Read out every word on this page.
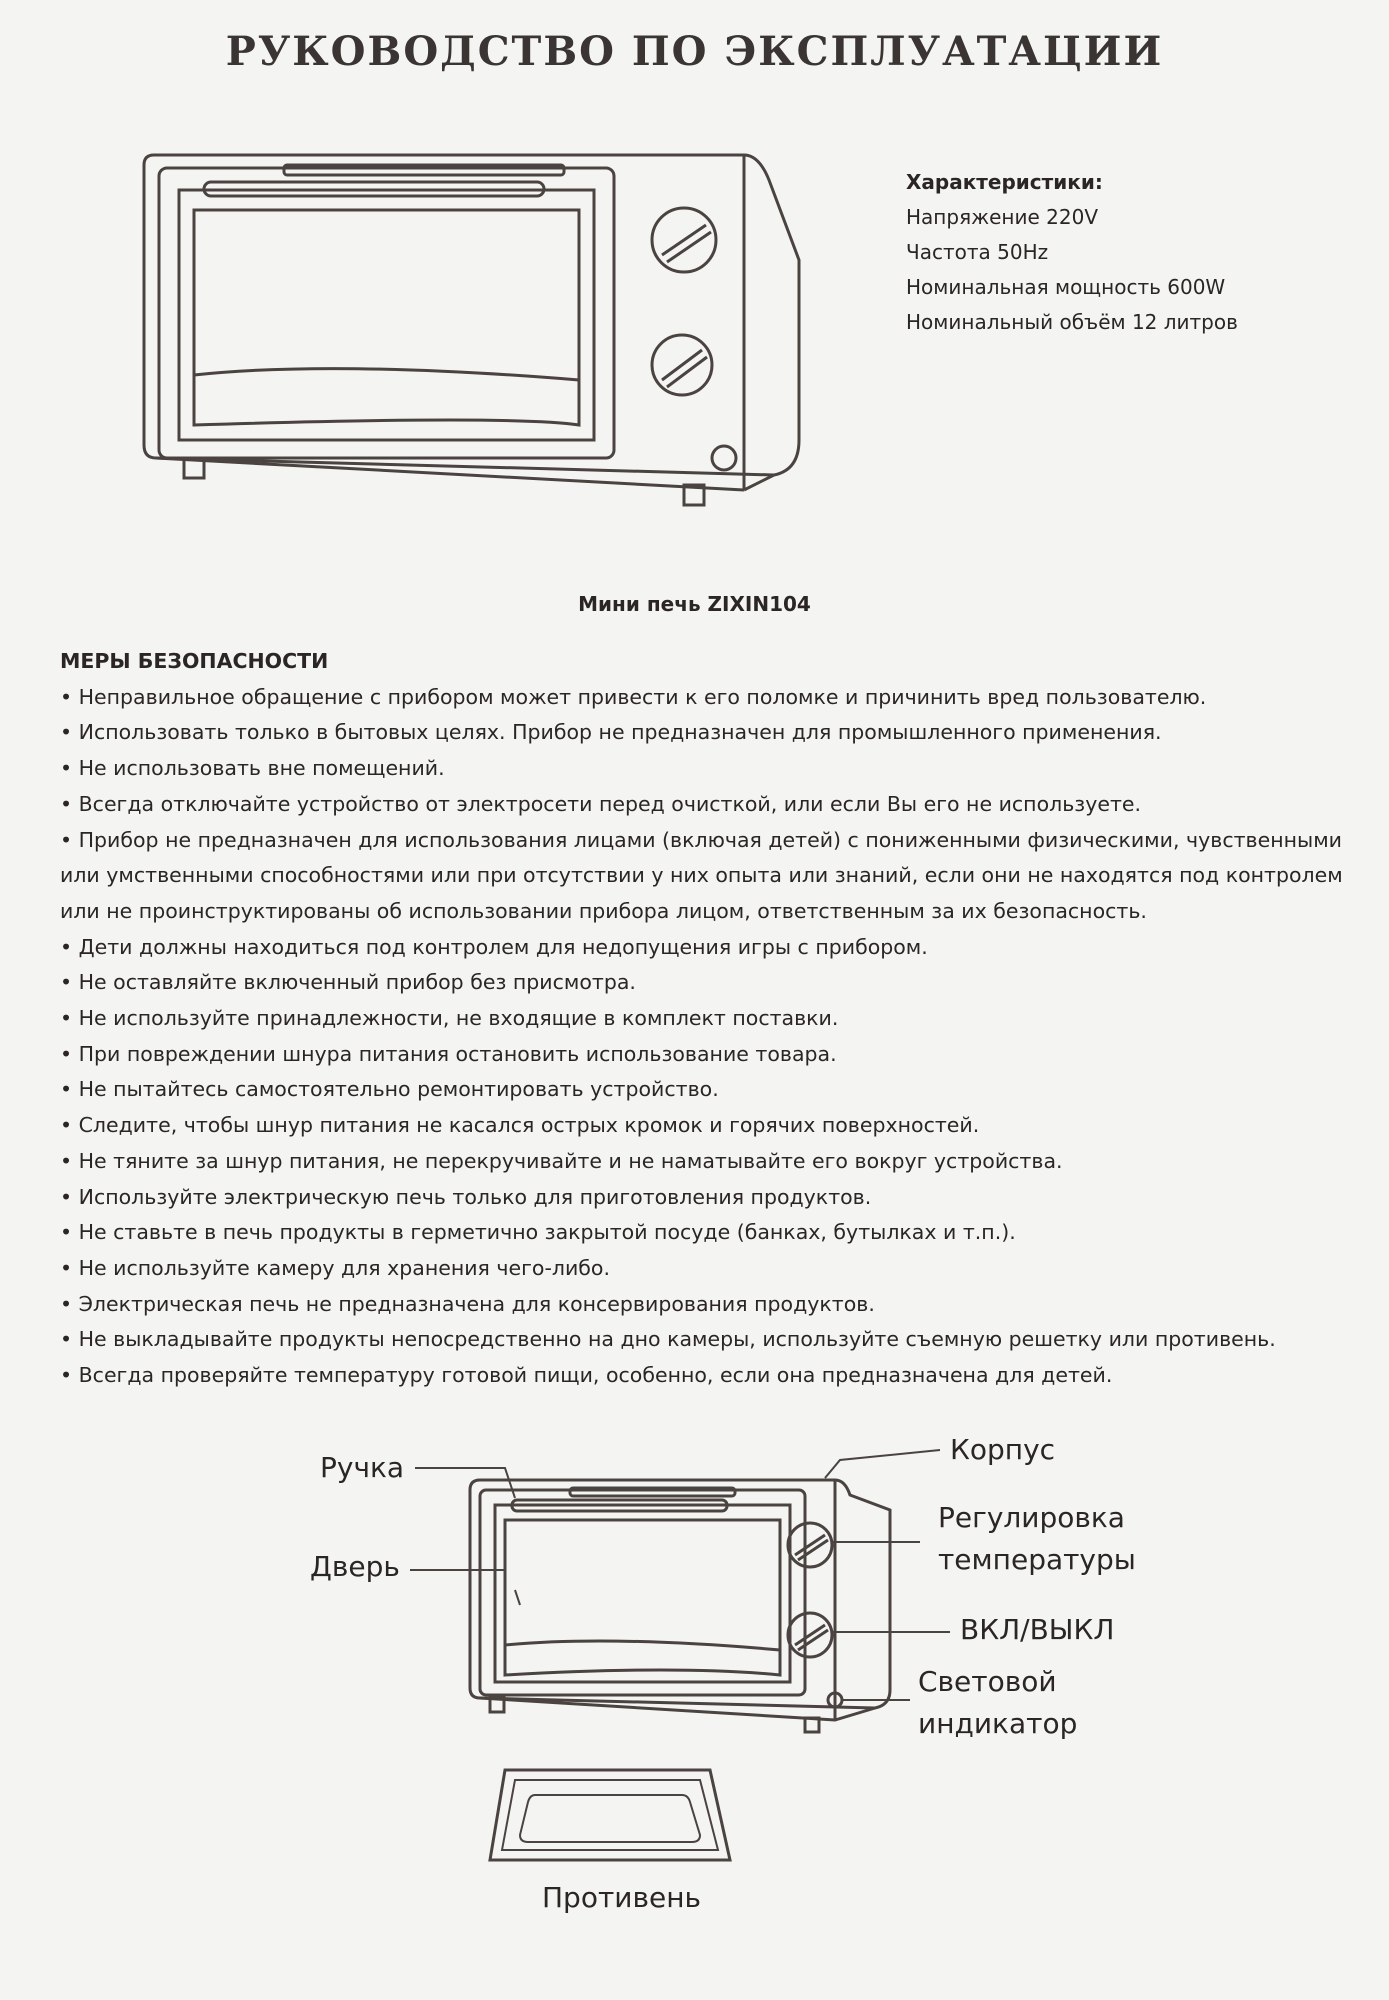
РУКОВОДСТВО ПО ЭКСПЛУАТАЦИИ
Характеристики:
Напряжение 220V
Частота 50Hz
Номинальная мощность 600W
Номинальный объём 12 литров
Мини печь ZIXIN104
МЕРЫ БЕЗОПАСНОСТИ
• Неправильное обращение с прибором может привести к его поломке и причинить вред пользователю.
• Использовать только в бытовых целях. Прибор не предназначен для промышленного применения.
• Не использовать вне помещений.
• Всегда отключайте устройство от электросети перед очисткой, или если Вы его не используете.
• Прибор не предназначен для использования лицами (включая детей) с пониженными физическими, чувственными или умственными способностями или при отсутствии у них опыта или знаний, если они не находятся под контролем или не проинструктированы об использовании прибора лицом, ответственным за их безопасность.
• Дети должны находиться под контролем для недопущения игры с прибором.
• Не оставляйте включенный прибор без присмотра.
• Не используйте принадлежности, не входящие в комплект поставки.
• При повреждении шнура питания остановить использование товара.
• Не пытайтесь самостоятельно ремонтировать устройство.
• Следите, чтобы шнур питания не касался острых кромок и горячих поверхностей.
• Не тяните за шнур питания, не перекручивайте и не наматывайте его вокруг устройства.
• Используйте электрическую печь только для приготовления продуктов.
• Не ставьте в печь продукты в герметично закрытой посуде (банках, бутылках и т.п.).
• Не используйте камеру для хранения чего-либо.
• Электрическая печь не предназначена для консервирования продуктов.
• Не выкладывайте продукты непосредственно на дно камеры, используйте съемную решетку или противень.
• Всегда проверяйте температуру готовой пищи, особенно, если она предназначена для детей.
Ручка
Дверь
Корпус
Регулировка
температуры
ВКЛ/ВЫКЛ
Световой
индикатор
Противень
